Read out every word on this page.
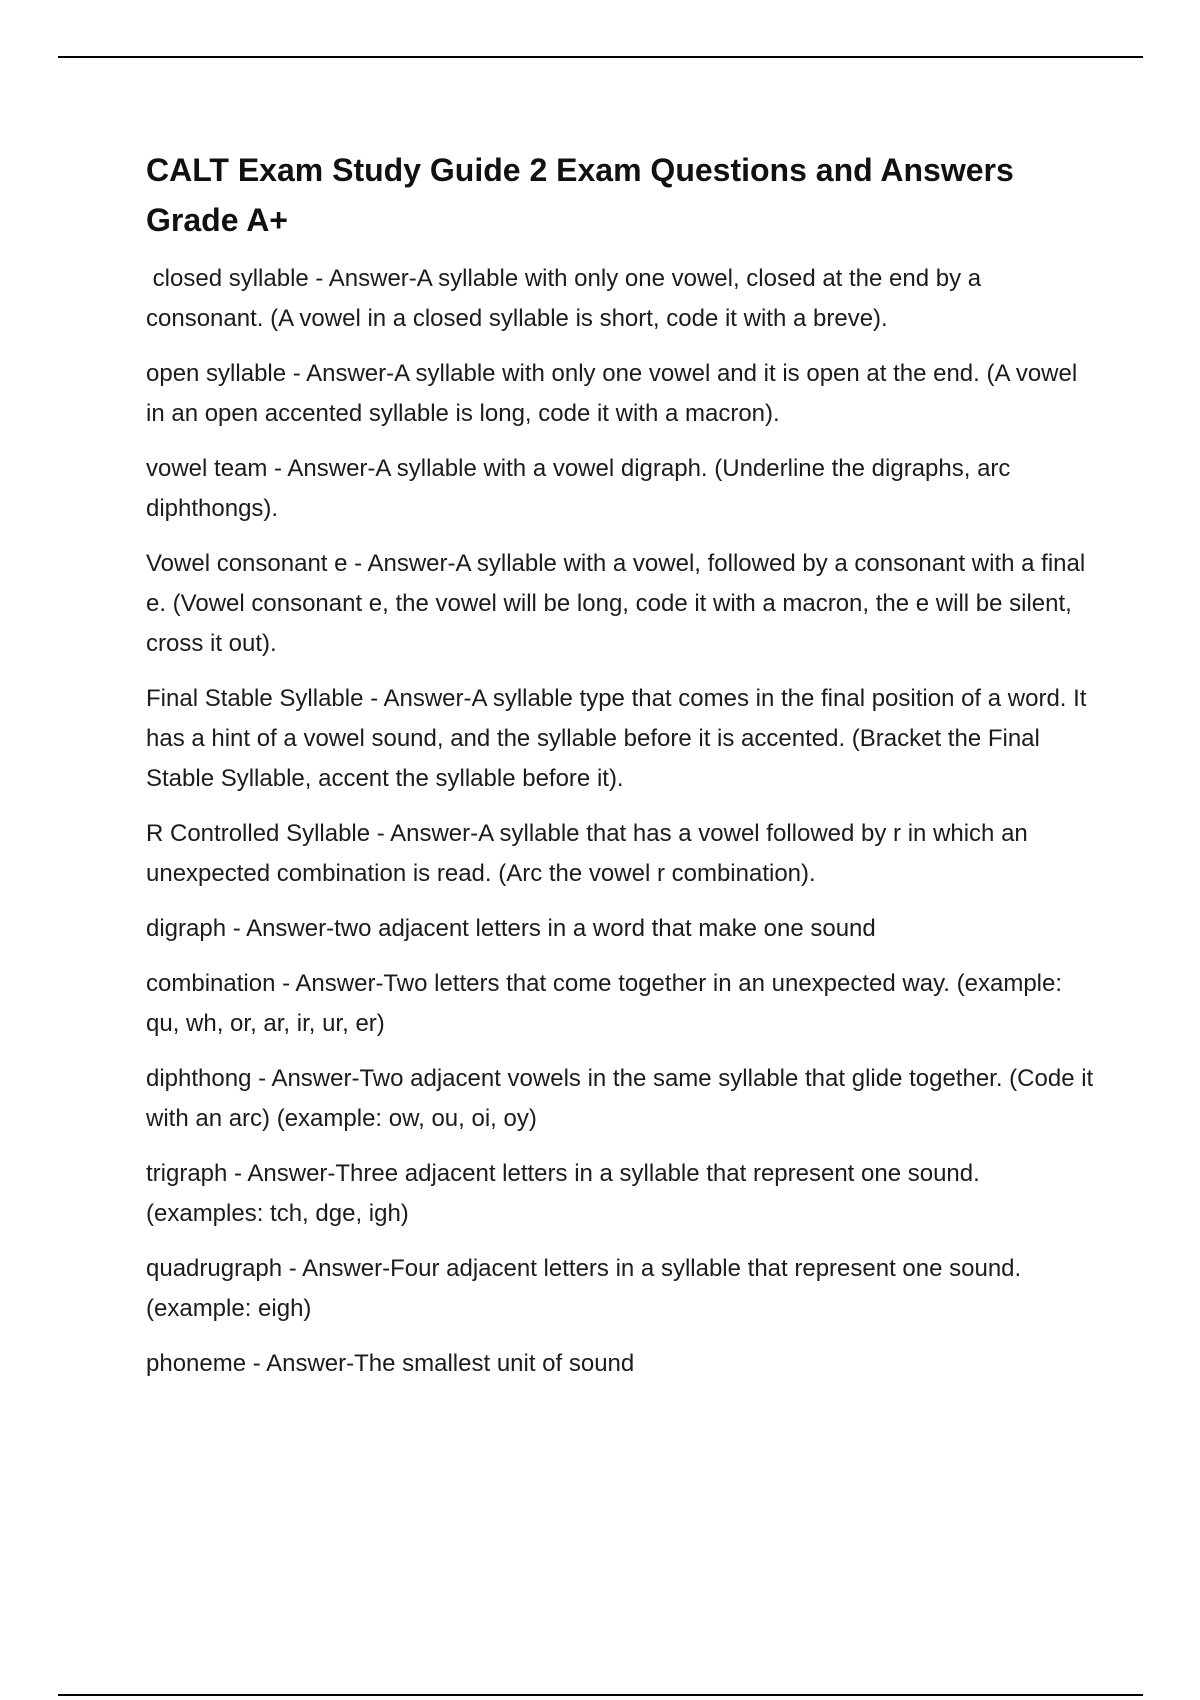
CALT Exam Study Guide 2 Exam Questions and Answers Grade A+
closed syllable - Answer-A syllable with only one vowel, closed at the end by a consonant. (A vowel in a closed syllable is short, code it with a breve).
open syllable - Answer-A syllable with only one vowel and it is open at the end. (A vowel in an open accented syllable is long, code it with a macron).
vowel team - Answer-A syllable with a vowel digraph. (Underline the digraphs, arc diphthongs).
Vowel consonant e - Answer-A syllable with a vowel, followed by a consonant with a final e. (Vowel consonant e, the vowel will be long, code it with a macron, the e will be silent, cross it out).
Final Stable Syllable - Answer-A syllable type that comes in the final position of a word. It has a hint of a vowel sound, and the syllable before it is accented. (Bracket the Final Stable Syllable, accent the syllable before it).
R Controlled Syllable - Answer-A syllable that has a vowel followed by r in which an unexpected combination is read. (Arc the vowel r combination).
digraph - Answer-two adjacent letters in a word that make one sound
combination - Answer-Two letters that come together in an unexpected way. (example: qu, wh, or, ar, ir, ur, er)
diphthong - Answer-Two adjacent vowels in the same syllable that glide together. (Code it with an arc) (example: ow, ou, oi, oy)
trigraph - Answer-Three adjacent letters in a syllable that represent one sound. (examples: tch, dge, igh)
quadrugraph - Answer-Four adjacent letters in a syllable that represent one sound. (example: eigh)
phoneme - Answer-The smallest unit of sound
